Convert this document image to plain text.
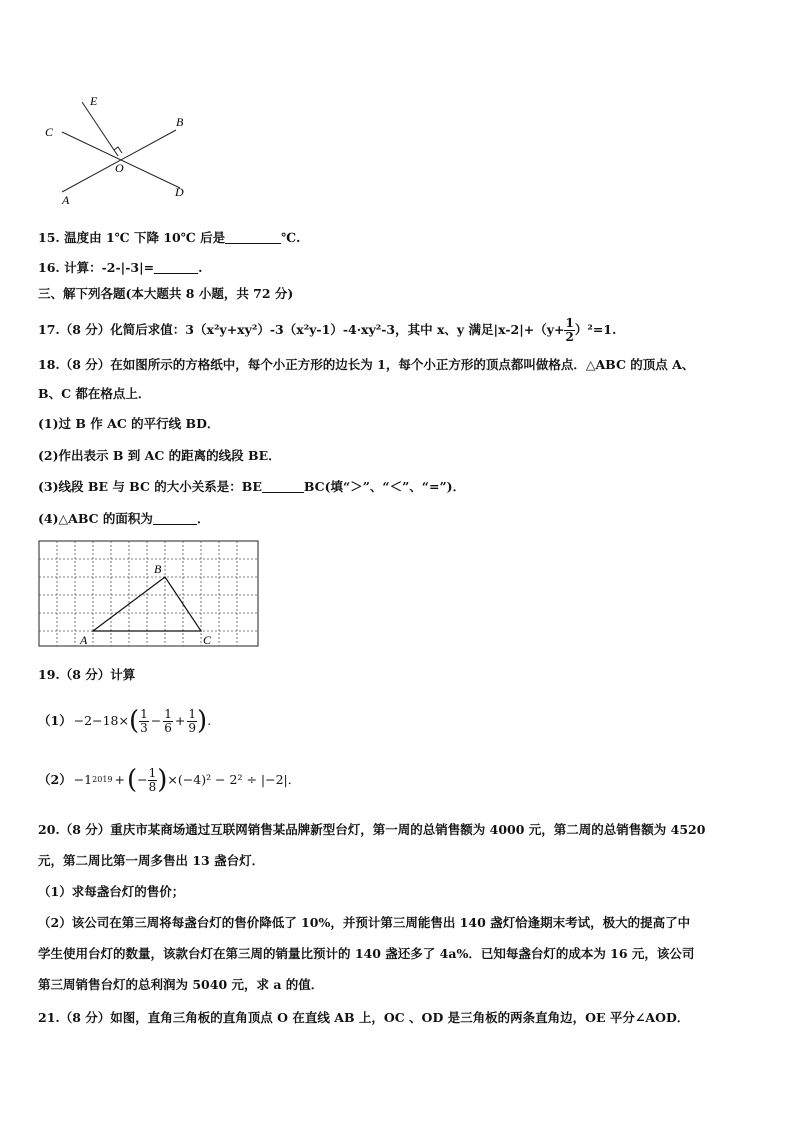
E
C
B
O
A
D
15. 温度由 1℃ 下降 10℃ 后是	℃.
16. 计算：-2-|-3|=	.
三、解下列各题(本大题共 8 小题，共 72 分)
17.（8 分）化简后求值：3（x²y+xy²）-3（x²y-1）-4·xy²-3，其中 x、y 满足$|x-2|+(y+ \frac{1}{2} )^2=1$.
18.（8 分）在如图所示的方格纸中，每个小正方形的边长为 1，每个小正方形的顶点都叫做格点．△ABC 的顶点 A、
B、C 都在格点上．
(1)过 B 作 AC 的平行线 BD．
(2)作出表示 B 到 AC 的距离的线段 BE．
(3)线段 BE 与 BC 的大小关系是：BE	BC(填“＞”、“＜”、“=”)．
(4)△ABC 的面积为	．
B
A	C
19.（8 分）计算
（1） −2−18× ( $\frac{1}{3} - \frac{1}{6} + \frac{1}{9}$ ) .
（2） −1 2019 + ( − $\frac{1}{8}$ ) ×(−4)² − 2² ÷ |−2|．
20.（8 分）重庆市某商场通过互联网销售某品牌新型台灯，第一周的总销售额为 4000 元，第二周的总销售额为 4520
元，第二周比第一周多售出 13 盏台灯．
（1）求每盏台灯的售价；
（2）该公司在第三周将每盏台灯的售价降低了 10%，并预计第三周能售出 140 盏灯恰逢期末考试，极大的提高了中
学生使用台灯的数量，该款台灯在第三周的销量比预计的 140 盏还多了 4a%．已知每盏台灯的成本为 16 元，该公司
第三周销售台灯的总利润为 5040 元，求 a 的值．
21.（8 分）如图，直角三角板的直角顶点 O 在直线 AB 上，OC 、OD 是三角板的两条直角边，OE 平分∠AOD．
